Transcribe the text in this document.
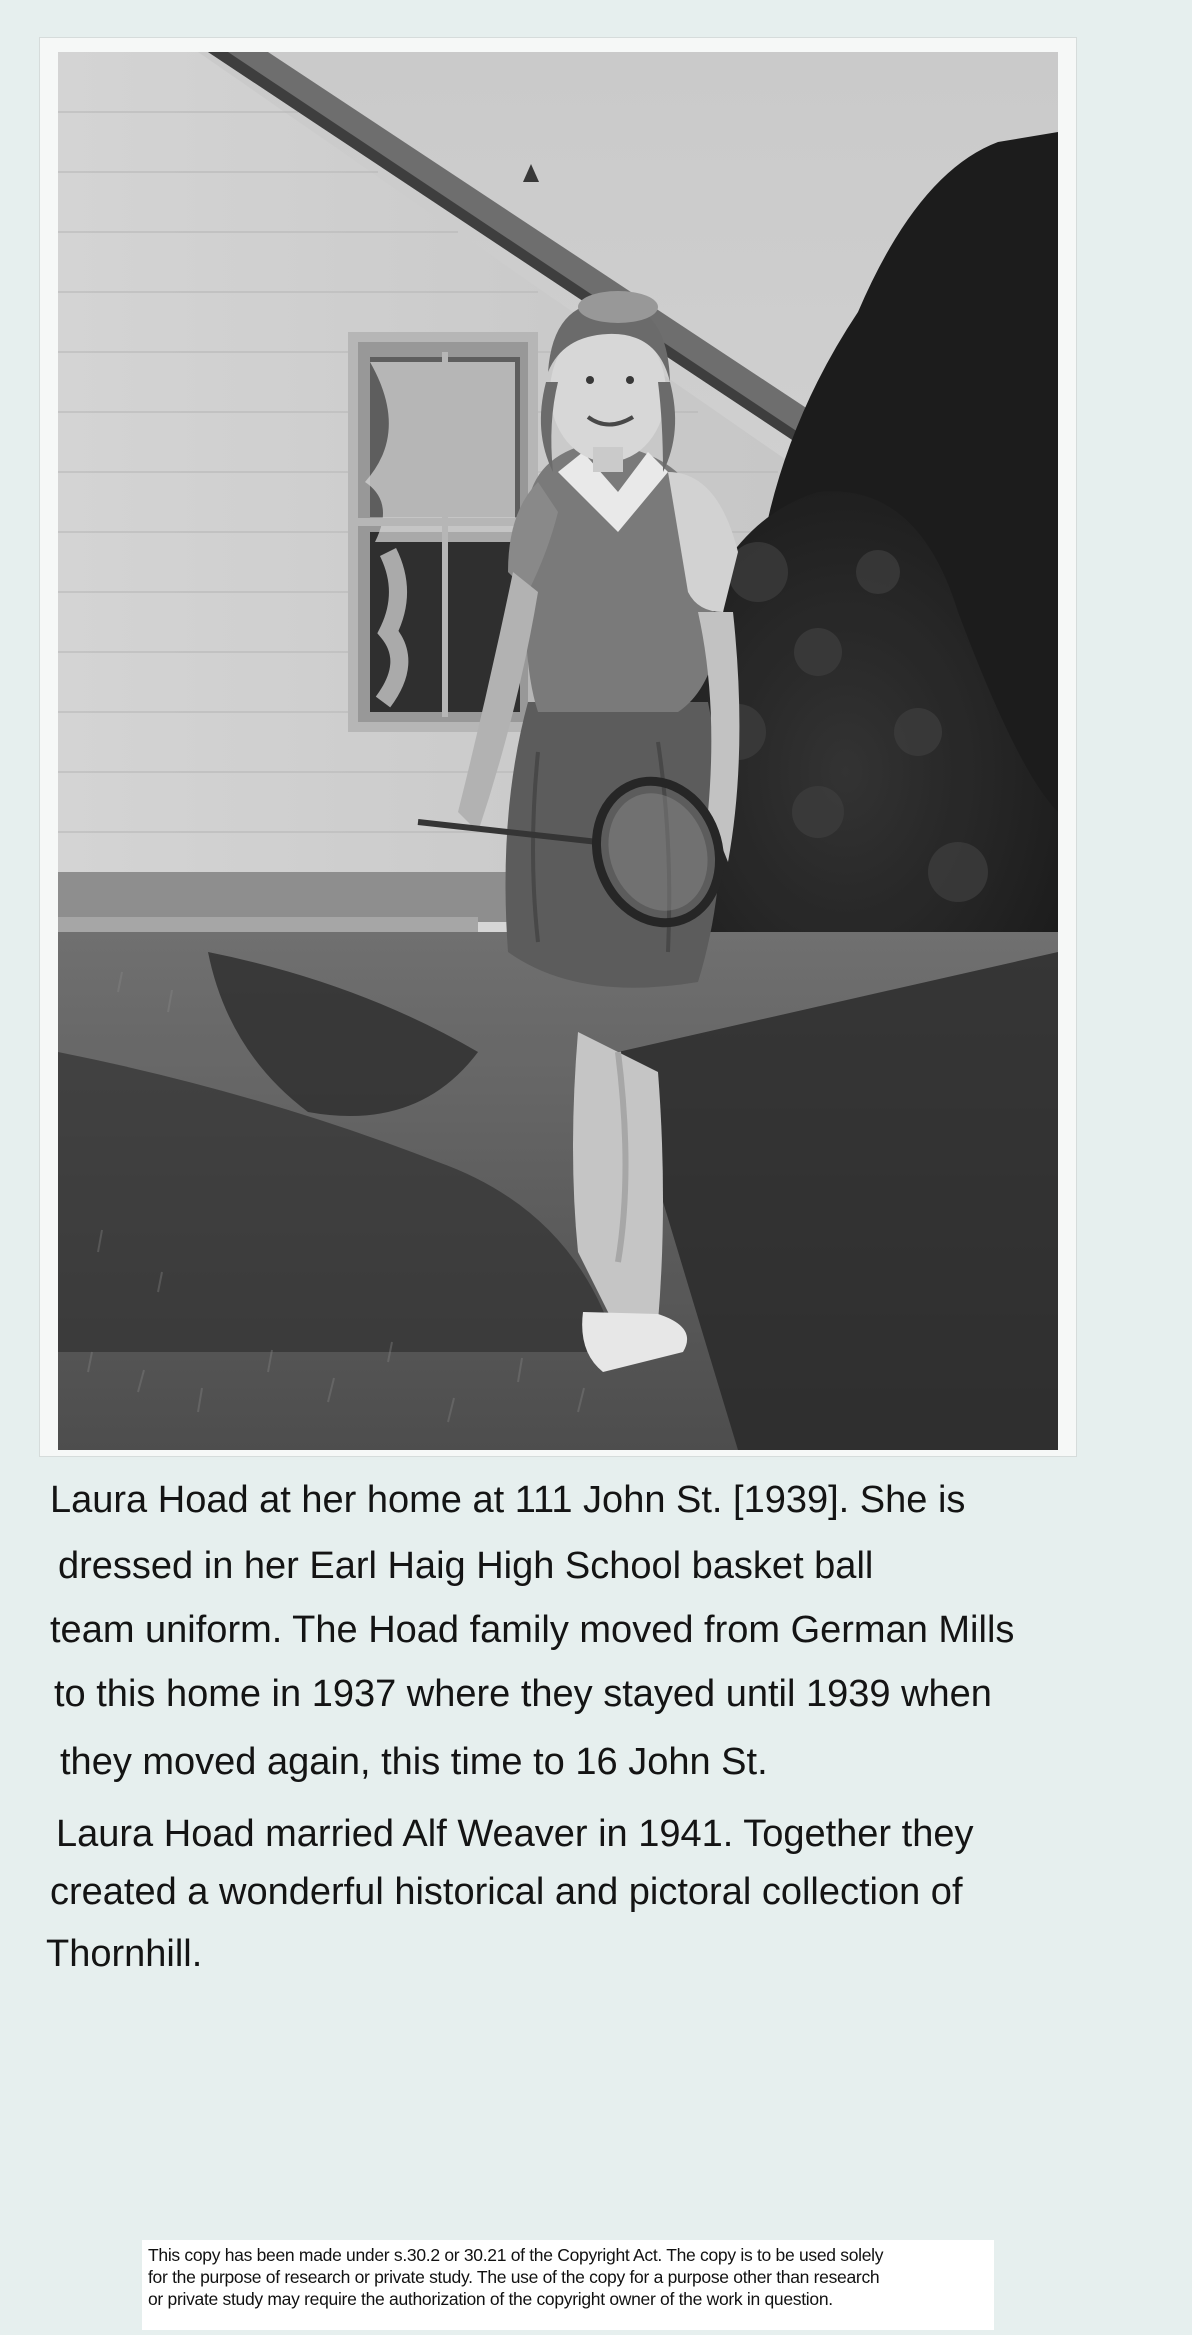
Laura Hoad at her home at 111 John St. [1939]. She is
dressed in her Earl Haig High School basket ball
team uniform. The Hoad family moved from German Mills
to this home in 1937 where they stayed until 1939 when
they moved again, this time to 16 John St.
Laura Hoad married Alf Weaver in 1941. Together they
created a wonderful historical and pictoral collection of
Thornhill.
This copy has been made under s.30.2 or 30.21 of the Copyright Act. The copy is to be used solely
for the purpose of research or private study. The use of the copy for a purpose other than research
or private study may require the authorization of the copyright owner of the work in question.
